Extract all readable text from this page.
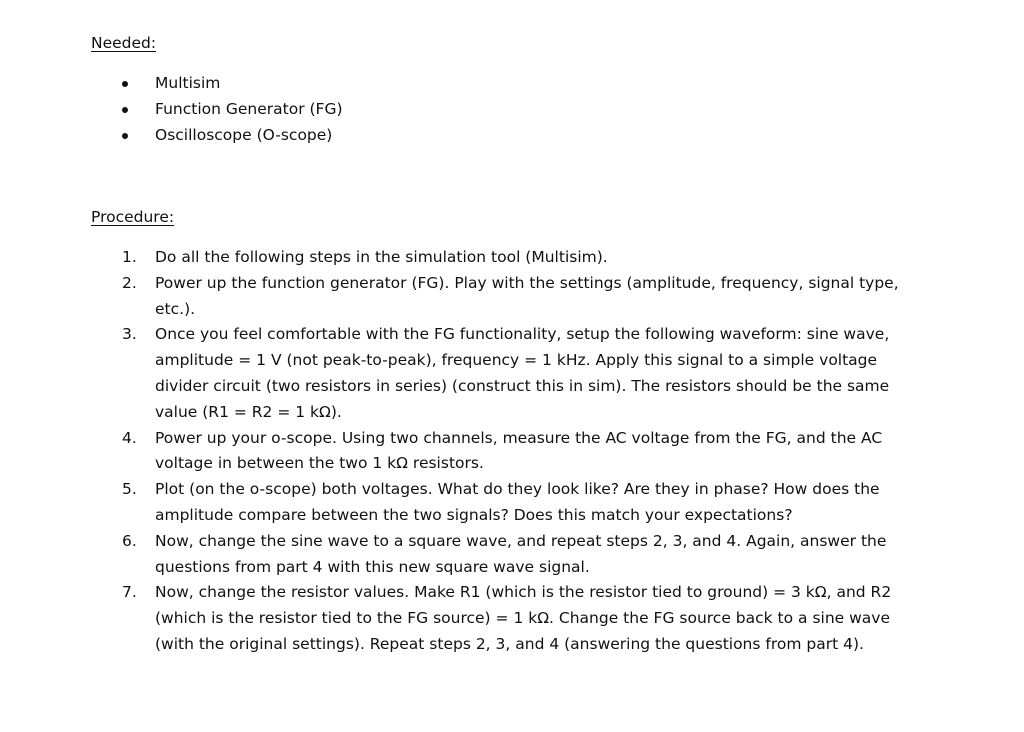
Needed:
Multisim
Function Generator (FG)
Oscilloscope (O-scope)
Procedure:
1. Do all the following steps in the simulation tool (Multisim).
2. Power up the function generator (FG). Play with the settings (amplitude, frequency, signal type,
etc.).
3. Once you feel comfortable with the FG functionality, setup the following waveform: sine wave,
amplitude = 1 V (not peak-to-peak), frequency = 1 kHz. Apply this signal to a simple voltage
divider circuit (two resistors in series) (construct this in sim). The resistors should be the same
value (R1 = R2 = 1 kΩ).
4. Power up your o-scope. Using two channels, measure the AC voltage from the FG, and the AC
voltage in between the two 1 kΩ resistors.
5. Plot (on the o-scope) both voltages. What do they look like? Are they in phase? How does the
amplitude compare between the two signals? Does this match your expectations?
6. Now, change the sine wave to a square wave, and repeat steps 2, 3, and 4. Again, answer the
questions from part 4 with this new square wave signal.
7. Now, change the resistor values. Make R1 (which is the resistor tied to ground) = 3 kΩ, and R2
(which is the resistor tied to the FG source) = 1 kΩ. Change the FG source back to a sine wave
(with the original settings). Repeat steps 2, 3, and 4 (answering the questions from part 4).
